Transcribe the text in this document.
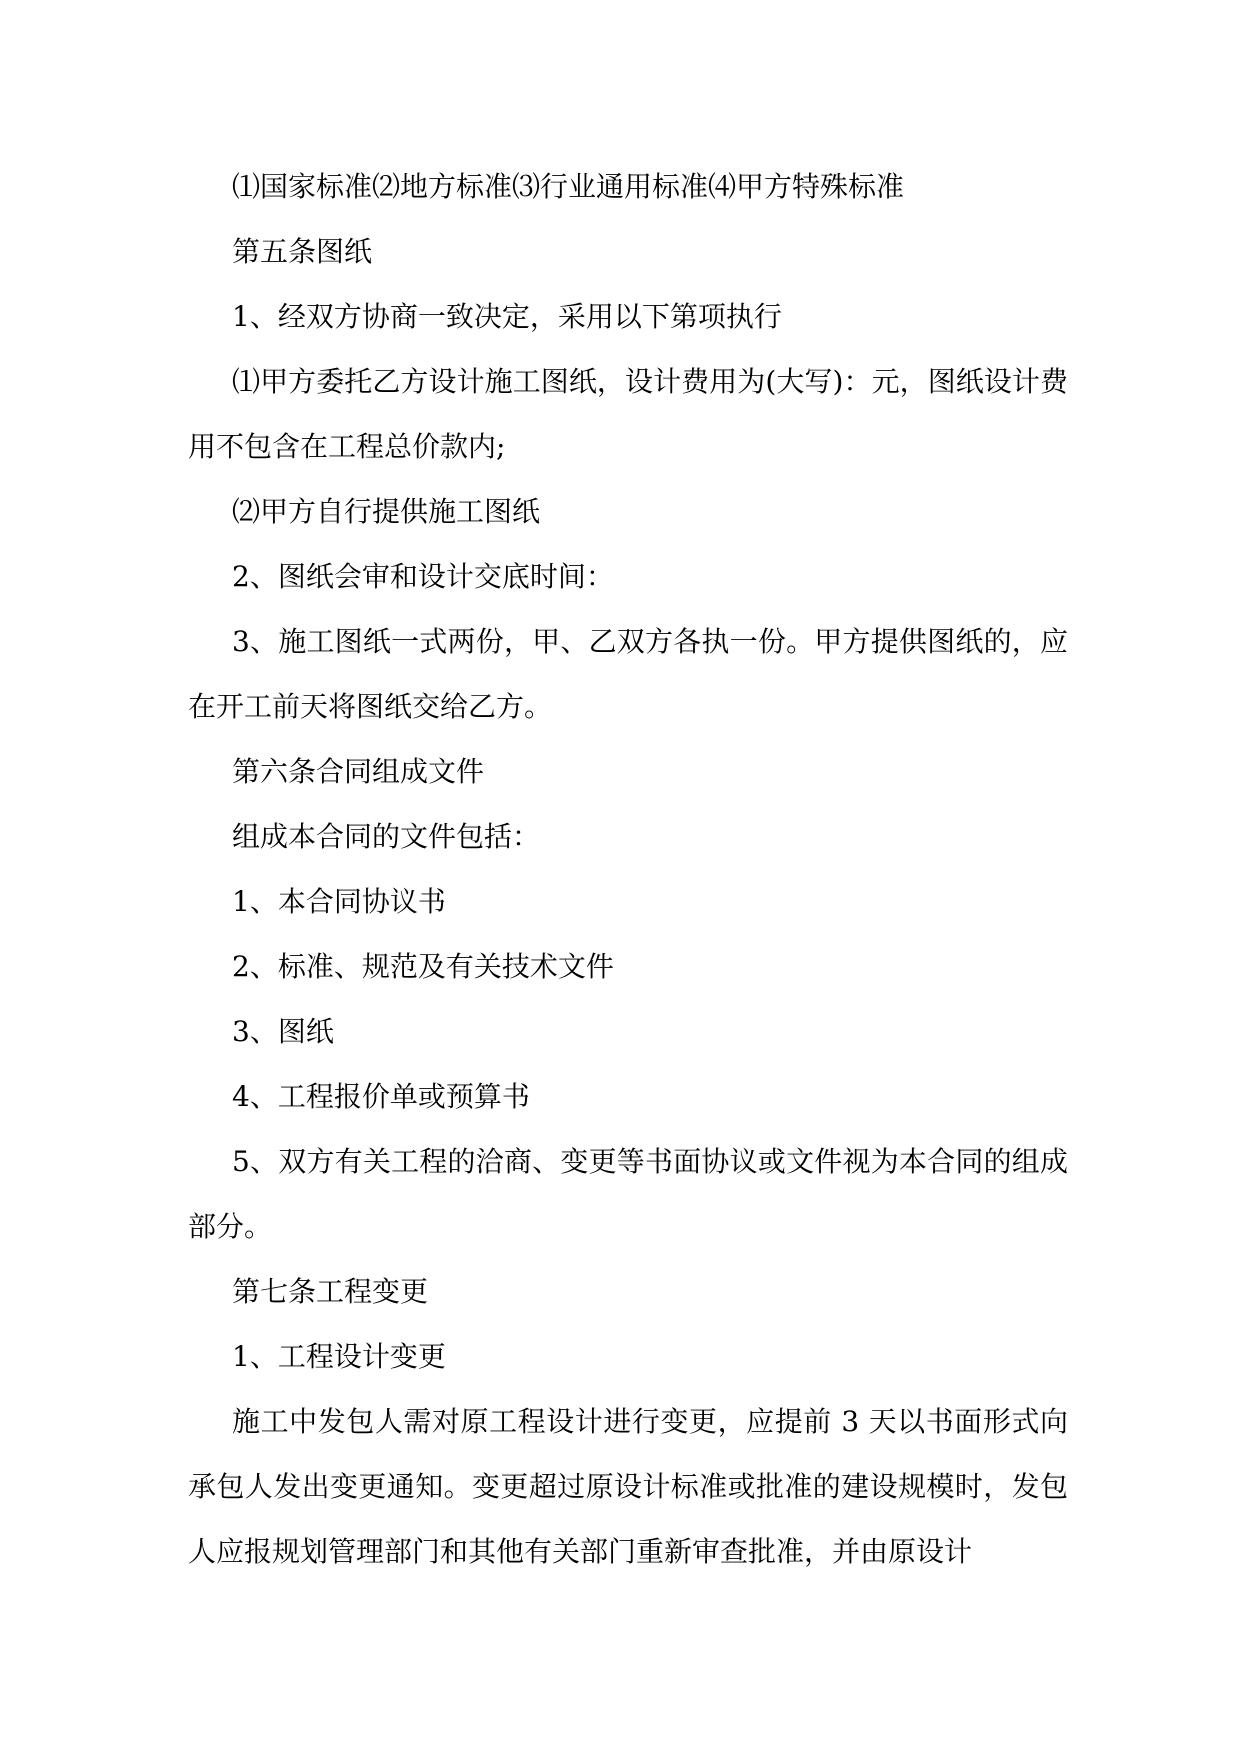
⑴国家标准⑵地方标准⑶行业通用标准⑷甲方特殊标准

第五条图纸

1、经双方协商一致决定，采用以下第项执行

⑴甲方委托乙方设计施工图纸，设计费用为(大写)：元，图纸设计费用不包含在工程总价款内;

⑵甲方自行提供施工图纸

2、图纸会审和设计交底时间：

3、施工图纸一式两份，甲、乙双方各执一份。甲方提供图纸的，应在开工前天将图纸交给乙方。

第六条合同组成文件

组成本合同的文件包括：

1、本合同协议书

2、标准、规范及有关技术文件

3、图纸

4、工程报价单或预算书

5、双方有关工程的洽商、变更等书面协议或文件视为本合同的组成部分。

第七条工程变更

1、工程设计变更

施工中发包人需对原工程设计进行变更，应提前 3 天以书面形式向承包人发出变更通知。变更超过原设计标准或批准的建设规模时，发包人应报规划管理部门和其他有关部门重新审查批准，并由原设计
